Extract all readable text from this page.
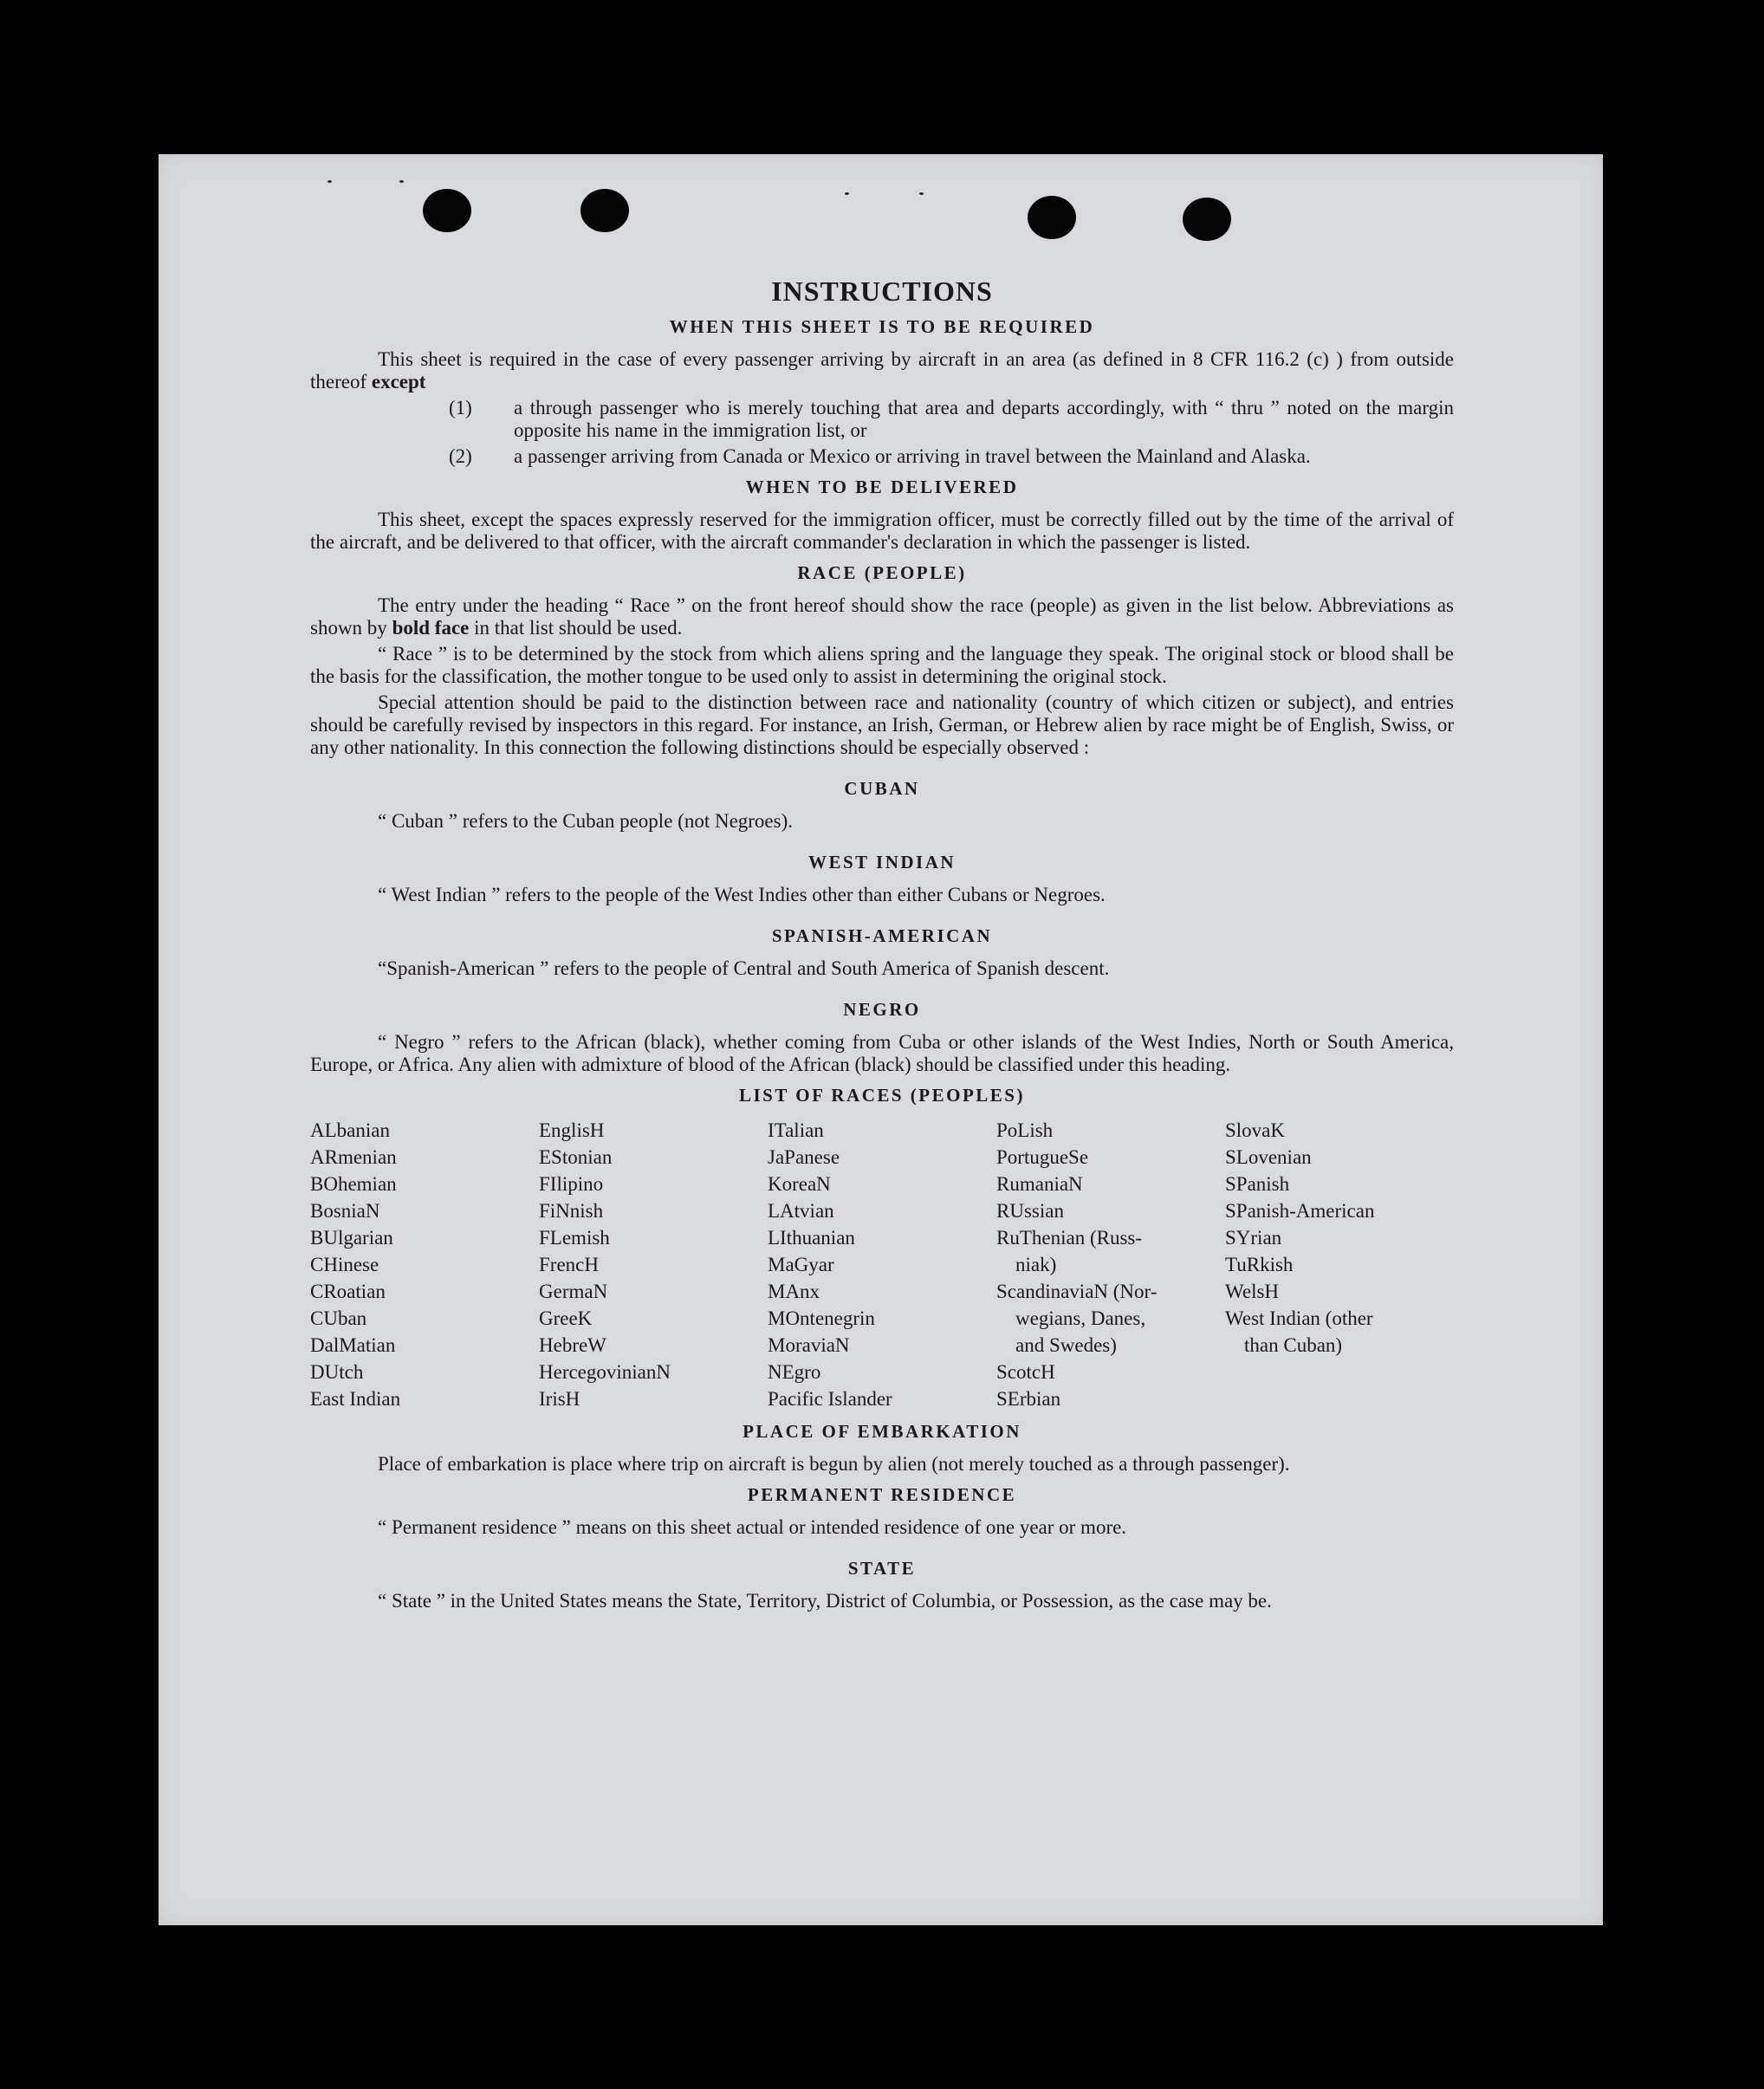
INSTRUCTIONS
WHEN THIS SHEET IS TO BE REQUIRED
This sheet is required in the case of every passenger arriving by aircraft in an area (as defined in 8 CFR 116.2 (c) ) from outside thereof except
(1) a through passenger who is merely touching that area and departs accordingly, with “ thru ” noted on the margin opposite his name in the immigration list, or
(2) a passenger arriving from Canada or Mexico or arriving in travel between the Mainland and Alaska.
WHEN TO BE DELIVERED
This sheet, except the spaces expressly reserved for the immigration officer, must be correctly filled out by the time of the arrival of the aircraft, and be delivered to that officer, with the aircraft commander's declaration in which the passenger is listed.
RACE (PEOPLE)
The entry under the heading “ Race ” on the front hereof should show the race (people) as given in the list below. Abbreviations as shown by bold face in that list should be used.
“ Race ” is to be determined by the stock from which aliens spring and the language they speak. The original stock or blood shall be the basis for the classification, the mother tongue to be used only to assist in determining the original stock.
Special attention should be paid to the distinction between race and nationality (country of which citizen or subject), and entries should be carefully revised by inspectors in this regard. For instance, an Irish, German, or Hebrew alien by race might be of English, Swiss, or any other nationality. In this connection the following distinctions should be especially observed :
CUBAN
“ Cuban ” refers to the Cuban people (not Negroes).
WEST INDIAN
“ West Indian ” refers to the people of the West Indies other than either Cubans or Negroes.
SPANISH-AMERICAN
“Spanish-American ” refers to the people of Central and South America of Spanish descent.
NEGRO
“ Negro ” refers to the African (black), whether coming from Cuba or other islands of the West Indies, North or South America, Europe, or Africa. Any alien with admixture of blood of the African (black) should be classified under this heading.
LIST OF RACES (PEOPLES)
ALbanian
ARmenian
BOhemian
BosniaN
BUlgarian
CHinese
CRoatian
CUban
DalMatian
DUtch
East Indian
EnglisH
EStonian
FIlipino
FiNnish
FLemish
FrencH
GermaN
GreeK
HebreW
HercegovinianN
IrisH
ITalian
JaPanese
KoreaN
LAtvian
LIthuanian
MaGyar
MAnx
MOntenegrin
MoraviaN
NEgro
Pacific Islander
PoLish
PortugueSe
RumaniaN
RUssian
RuThenian (Russ-
niak)
ScandinaviaN (Nor-
wegians, Danes,
and Swedes)
ScotcH
SErbian
SlovaK
SLovenian
SPanish
SPanish-American
SYrian
TuRkish
WelsH
West Indian (other
than Cuban)
PLACE OF EMBARKATION
Place of embarkation is place where trip on aircraft is begun by alien (not merely touched as a through passenger).
PERMANENT RESIDENCE
“ Permanent residence ” means on this sheet actual or intended residence of one year or more.
STATE
“ State ” in the United States means the State, Territory, District of Columbia, or Possession, as the case may be.
